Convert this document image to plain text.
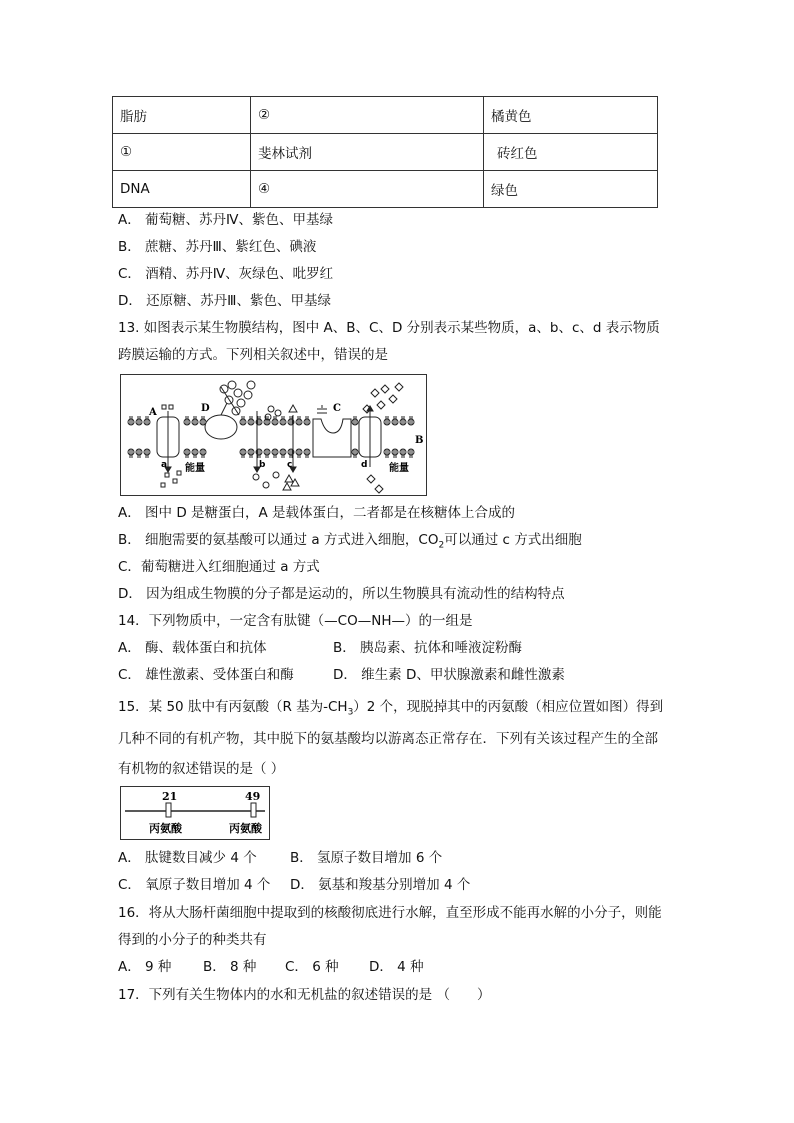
脂肪	②	橘黄色
①	斐林试剂	砖红色
DNA	④	绿色
A． 葡萄糖、苏丹Ⅳ、紫色、甲基绿
B． 蔗糖、苏丹Ⅲ、紫红色、碘液
C． 酒精、苏丹Ⅳ、灰绿色、吡罗红
D． 还原糖、苏丹Ⅲ、紫色、甲基绿
13. 如图表示某生物膜结构，图中 A、B、C、D 分别表示某些物质，a、b、c、d 表示物质
跨膜运输的方式。下列相关叙述中，错误的是
A	D	C
B
a	b c	d
能量	能量
A． 图中 D 是糖蛋白，A 是载体蛋白，二者都是在核糖体上合成的
B． 细胞需要的氨基酸可以通过 a 方式进入细胞，$CO_2$可以通过 c 方式出细胞
C．葡萄糖进入红细胞通过 a 方式
D． 因为组成生物膜的分子都是运动的，所以生物膜具有流动性的结构特点
14．下列物质中，一定含有肽键（—CO—NH—）的一组是
A． 酶、载体蛋白和抗体	B． 胰岛素、抗体和唾液淀粉酶
C． 雄性激素、受体蛋白和酶	D． 维生素 D、甲状腺激素和雌性激素
15．某 50 肽中有丙氨酸（R 基为$-CH_3)2$ 个，现脱掉其中的丙氨酸（相应位置如图）得到
几种不同的有机产物，其中脱下的氨基酸均以游离态正常存在．下列有关该过程产生的全部
有机物的叙述错误的是（ ）
21	49
丙氨酸	丙氨酸
A． 肽键数目减少 4 个 B． 氢原子数目增加 6 个
C． 氧原子数目增加 4 个 D． 氨基和羧基分别增加 4 个
16．将从大肠杆菌细胞中提取到的核酸彻底进行水解，直至形成不能再水解的小分子，则能
得到的小分子的种类共有
A． 9 种 B． 8 种 C． 6 种 D． 4 种
17．下列有关生物体内的水和无机盐的叙述错误的是 （　　）
